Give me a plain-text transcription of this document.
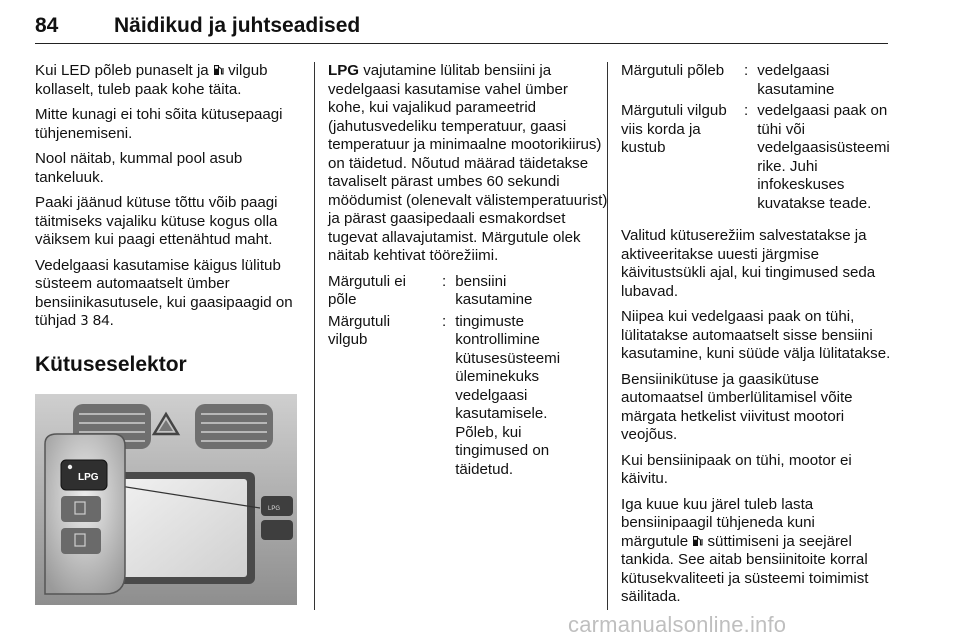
84	Näidikud ja juhtseadised

Kui LED põleb punaselt ja  vilgub kollaselt, tuleb paak kohe täita.

Mitte kunagi ei tohi sõita kütusepaagi tühjenemiseni.

Nool näitab, kummal pool asub tankeluuk.

Paaki jäänud kütuse tõttu võib paagi täitmiseks vajaliku kütuse kogus olla väiksem kui paagi ettenähtud maht.

Vedelgaasi kasutamise käigus lülitub süsteem automaatselt ümber bensiinikasutusele, kui gaasipaagid on tühjad 3 84.

Kütuseselektor
LPG
LPG

LPG vajutamine lülitab bensiini ja vedelgaasi kasutamise vahel ümber kohe, kui vajalikud parameetrid (jahutusvedeliku temperatuur, gaasi temperatuur ja minimaalne mootorikiirus) on täidetud. Nõutud määrad täidetakse tavaliselt pärast umbes 60 sekundi möödumist (olenevalt välistemperatuurist) ja pärast gaasipedaali esmakordset tugevat allavajutamist. Märgutule olek näitab kehtivat töörežiimi.

Märgutuli ei põle	:	bensiini kasutamine
Märgutuli vilgub	:	tingimuste kontrollimine kütusesüsteemi üleminekuks vedelgaasi kasutamisele. Põleb, kui tingimused on täidetud.
Märgutuli põleb	:	vedelgaasi kasutamine
Märgutuli vilgub viis korda ja kustub	:	vedelgaasi paak on tühi või vedelgaasisüsteemi rike. Juhi infokeskuses kuvatakse teade.

Valitud kütuserežiim salvestatakse ja aktiveeritakse uuesti järgmise käivitustsükli ajal, kui tingimused seda lubavad.

Niipea kui vedelgaasi paak on tühi, lülitatakse automaatselt sisse bensiini kasutamine, kuni süüde välja lülitatakse.

Bensiinikütuse ja gaasikütuse automaatsel ümberlülitamisel võite märgata hetkelist viivitust mootori veojõus.

Kui bensiinipaak on tühi, mootor ei käivitu.

Iga kuue kuu järel tuleb lasta bensiinipaagil tühjeneda kuni
märgutule  süttimiseni ja seejärel tankida. See aitab bensiinitoite korral kütusekvaliteeti ja süsteemi toimimist säilitada.

carmanualsonline.info
